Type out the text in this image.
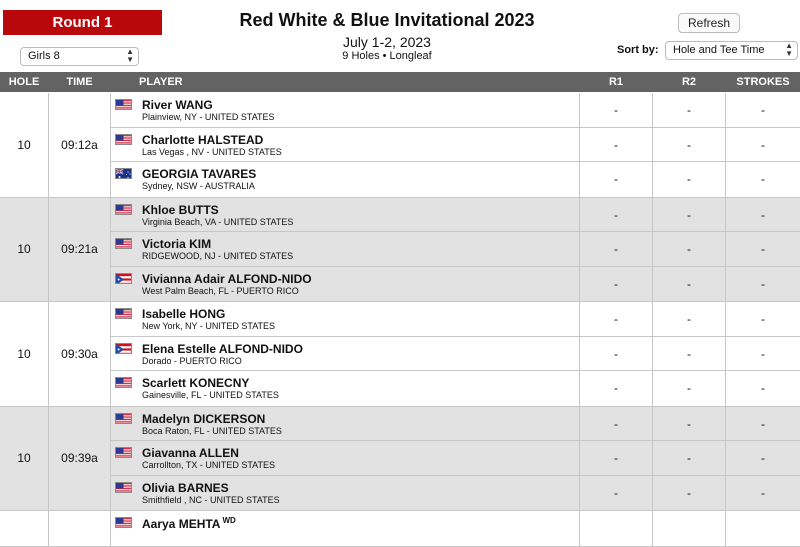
Round 1	Red White & Blue Invitational 2023
July 1-2, 2023
9 Holes • Longleaf
Refresh
Girls 8	▲
▼
Sort by:	Hole and Tee Time	▲
▼
HOLE	TIME	PLAYER	R1	R2	STROKES
10	09:12a
River WANG
Plainview, NY - UNITED STATES	-	-	-
Charlotte HALSTEAD
Las Vegas , NV - UNITED STATES	-	-	-
GEORGIA TAVARES
Sydney, NSW - AUSTRALIA	-	-	-
10	09:21a
Khloe BUTTS
Virginia Beach, VA - UNITED STATES	-	-	-
Victoria KIM
RIDGEWOOD, NJ - UNITED STATES	-	-	-
Vivianna Adair ALFOND-NIDO
West Palm Beach, FL - PUERTO RICO	-	-	-
10	09:30a
Isabelle HONG
New York, NY - UNITED STATES	-	-	-
Elena Estelle ALFOND-NIDO
Dorado - PUERTO RICO	-	-	-
Scarlett KONECNY
Gainesville, FL - UNITED STATES	-	-	-
10	09:39a
Madelyn DICKERSON
Boca Raton, FL - UNITED STATES	-	-	-
Giavanna ALLEN
Carrollton, TX - UNITED STATES	-	-	-
Olivia BARNES
Smithfield , NC - UNITED STATES	-	-	-
Aarya MEHTA $^{WD}$
